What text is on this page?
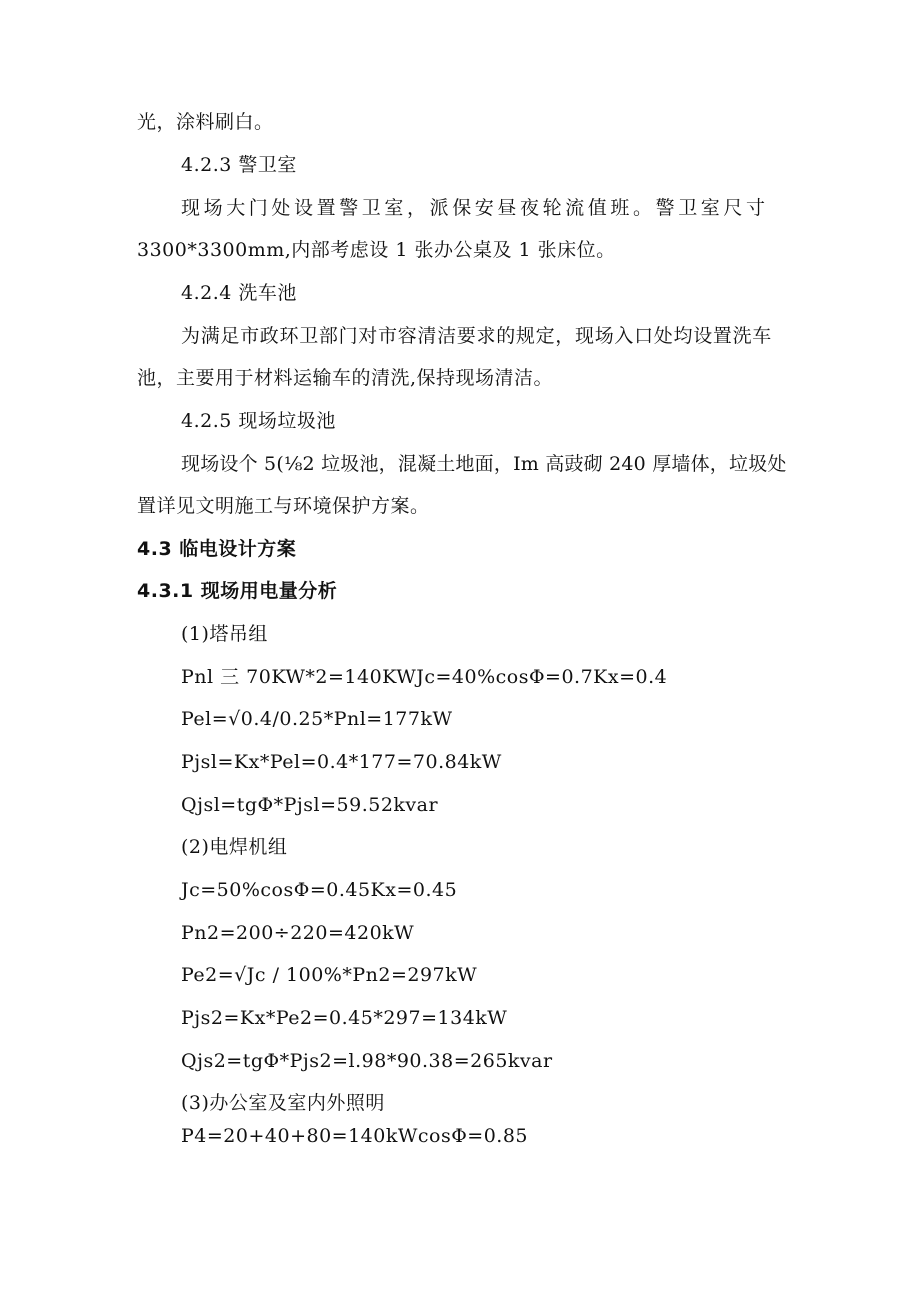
光，涂料刷白。
4.2.3 警卫室
现场大门处设置警卫室，派保安昼夜轮流值班。警卫室尺寸
3300*3300mm,内部考虑设 1 张办公桌及 1 张床位。
4.2.4 洗车池
为满足市政环卫部门对市容清洁要求的规定，现场入口处均设置洗车
池，主要用于材料运输车的清洗,保持现场清洁。
4.2.5 现场垃圾池
现场设个 5(⅛2 垃圾池，混凝土地面，Im 高豉砌 240 厚墙体，垃圾处
置详见文明施工与环境保护方案。
4.3 临电设计方案
4.3.1 现场用电量分析
(1)塔吊组
Pnl 三 70KW*2=140KWJc=40%cosΦ=0.7Kx=0.4
Pel=√0.4/0.25*Pnl=177kW
Pjsl=Kx*Pel=0.4*177=70.84kW
Qjsl=tgΦ*Pjsl=59.52kvar
(2)电焊机组
Jc=50%cosΦ=0.45Kx=0.45
Pn2=200÷220=420kW
Pe2=√Jc / 100%*Pn2=297kW
Pjs2=Kx*Pe2=0.45*297=134kW
Qjs2=tgΦ*Pjs2=l.98*90.38=265kvar
(3)办公室及室内外照明
P4=20+40+80=140kWcosΦ=0.85
